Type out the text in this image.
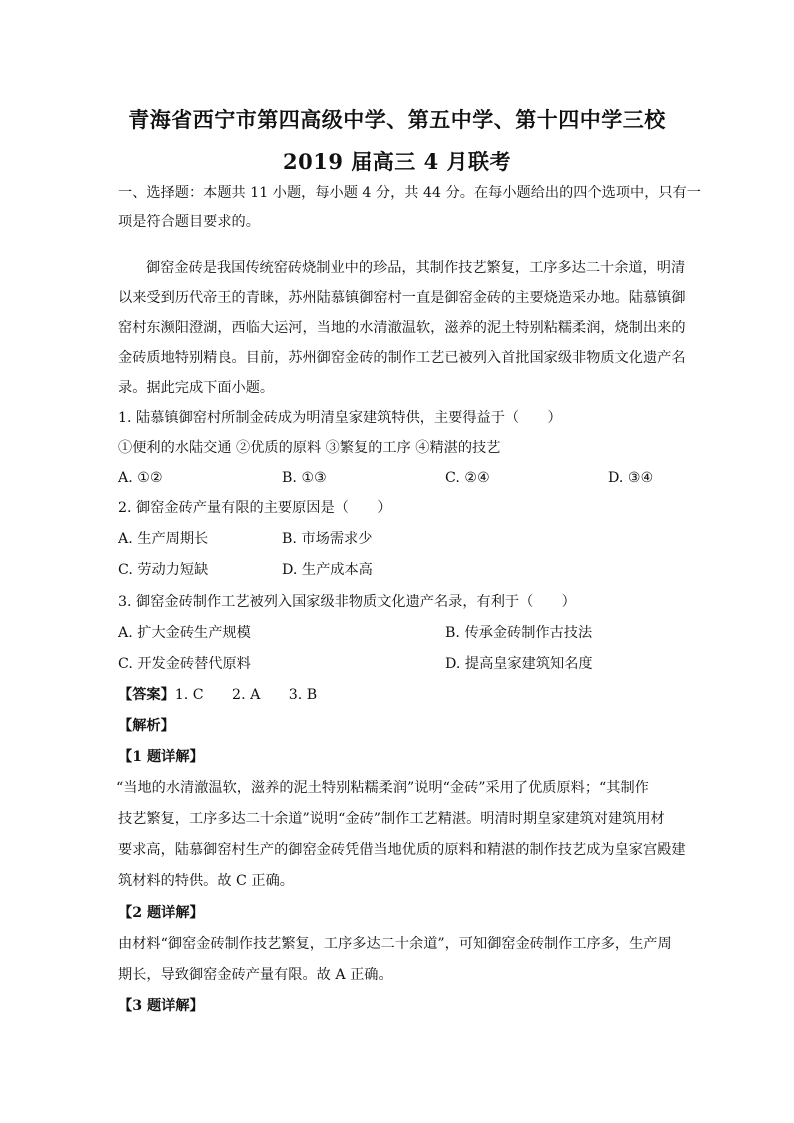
青海省西宁市第四高级中学、第五中学、第十四中学三校
2019 届高三 4 月联考
一、选择题：本题共 11 小题，每小题 4 分，共 44 分。在每小题给出的四个选项中，只有一
项是符合题目要求的。
御窑金砖是我国传统窑砖烧制业中的珍品，其制作技艺繁复，工序多达二十余道，明清
以来受到历代帝王的青睐，苏州陆慕镇御窑村一直是御窑金砖的主要烧造采办地。陆慕镇御
窑村东濒阳澄湖，西临大运河，当地的水清澈温软，滋养的泥土特别粘糯柔润，烧制出来的
金砖质地特别精良。目前，苏州御窑金砖的制作工艺已被列入首批国家级非物质文化遗产名
录。据此完成下面小题。
1. 陆慕镇御窑村所制金砖成为明清皇家建筑特供，主要得益于（　　）
①便利的水陆交通 ②优质的原料 ③繁复的工序 ④精湛的技艺
A. ①②	B. ①③	C. ②④	D. ③④
2. 御窑金砖产量有限的主要原因是（　　）
A. 生产周期长	B. 市场需求少
C. 劳动力短缺	D. 生产成本高
3. 御窑金砖制作工艺被列入国家级非物质文化遗产名录，有利于（　　）
A. 扩大金砖生产规模	B. 传承金砖制作古技法
C. 开发金砖替代原料	D. 提高皇家建筑知名度
【答案】1. C　　2. A　　3. B
【解析】
【1 题详解】
“当地的水清澈温软，滋养的泥土特别粘糯柔润”说明“金砖”采用了优质原料；“其制作
技艺繁复，工序多达二十余道”说明“金砖”制作工艺精湛。明清时期皇家建筑对建筑用材
要求高，陆慕御窑村生产的御窑金砖凭借当地优质的原料和精湛的制作技艺成为皇家宫殿建
筑材料的特供。故 C 正确。
【2 题详解】
由材料“御窑金砖制作技艺繁复，工序多达二十余道”，可知御窑金砖制作工序多，生产周
期长，导致御窑金砖产量有限。故 A 正确。
【3 题详解】
